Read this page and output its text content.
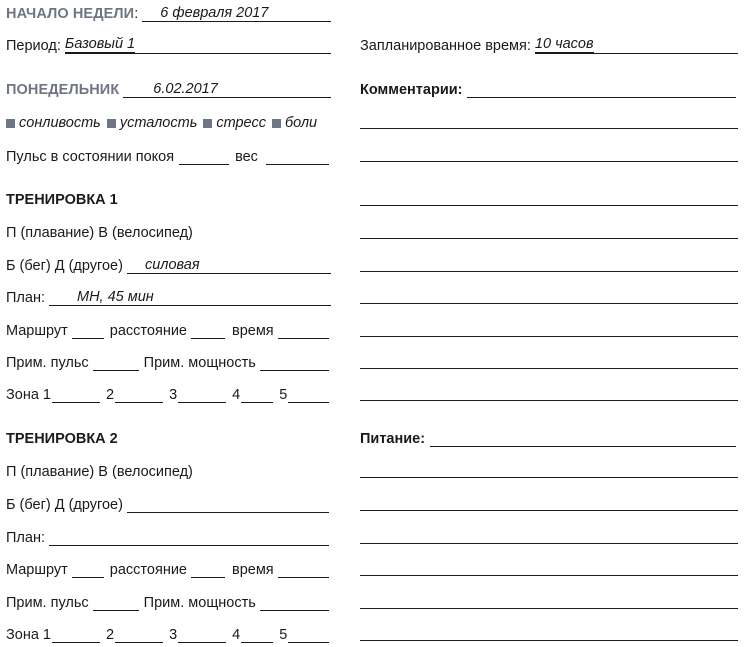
НАЧАЛО НЕДЕЛИ :	6 февраля 2017
Период: Базовый 1
ПОНЕДЕЛЬНИК	6.02.2017
сонливость усталость стресс боли
Пульс в состоянии покоя	вес
ТРЕНИРОВКА 1
П (плавание) В (велосипед)
Б (бег) Д (другое)	силовая
План:	МН, 45 мин
Маршрут	расстояние	время
Прим. пульс	Прим. мощность
Зона 1	2	3	4	5
ТРЕНИРОВКА 2
П (плавание) В (велосипед)
Б (бег) Д (другое)
План:
Маршрут	расстояние	время
Прим. пульс	Прим. мощность
Зона 1	2	3	4	5
Запланированное время: 10 часов
Комментарии:
Питание:
